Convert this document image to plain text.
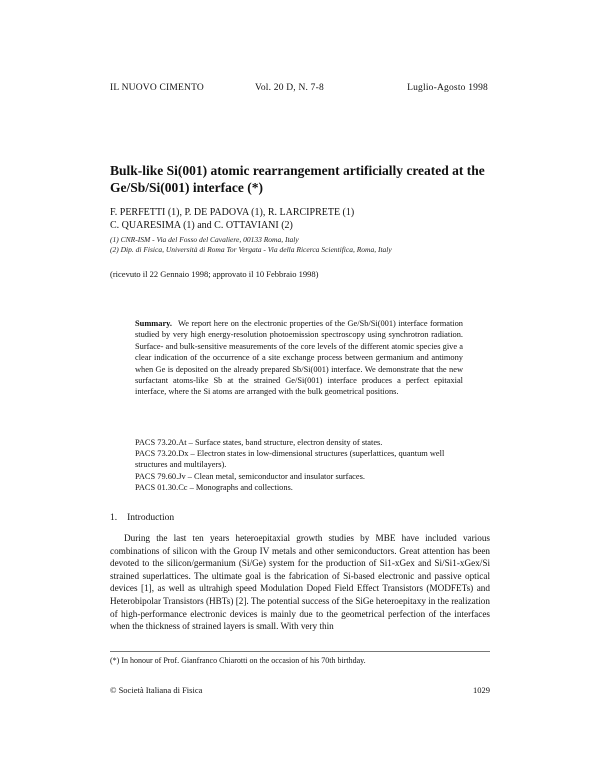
IL NUOVO CIMENTO	Vol. 20 D, N. 7-8	Luglio-Agosto 1998
Bulk-like Si(001) atomic rearrangement artificially created at the Ge/Sb/Si(001) interface (*)
F. PERFETTI (1), P. DE PADOVA (1), R. LARCIPRETE (1)
C. QUARESIMA (1) and C. OTTAVIANI (2)
(1) CNR-ISM - Via del Fosso del Cavaliere, 00133 Roma, Italy
(2) Dip. di Fisica, Università di Roma Tor Vergata - Via della Ricerca Scientifica, Roma, Italy
(ricevuto il 22 Gennaio 1998; approvato il 10 Febbraio 1998)
Summary. We report here on the electronic properties of the Ge/Sb/Si(001) interface formation studied by very high energy-resolution photoemission spectroscopy using synchrotron radiation. Surface- and bulk-sensitive measurements of the core levels of the different atomic species give a clear indication of the occurrence of a site exchange process between germanium and antimony when Ge is deposited on the already prepared Sb/Si(001) interface. We demonstrate that the new surfactant atoms-like Sb at the strained Ge/Si(001) interface produces a perfect epitaxial interface, where the Si atoms are arranged with the bulk geometrical positions.
PACS 73.20.At – Surface states, band structure, electron density of states.
PACS 73.20.Dx – Electron states in low-dimensional structures (superlattices, quantum well structures and multilayers).
PACS 79.60.Jv – Clean metal, semiconductor and insulator surfaces.
PACS 01.30.Cc – Monographs and collections.
1. Introduction
During the last ten years heteroepitaxial growth studies by MBE have included various combinations of silicon with the Group IV metals and other semiconductors. Great attention has been devoted to the silicon/germanium (Si/Ge) system for the production of Si1-xGex and Si/Si1-xGex/Si strained superlattices. The ultimate goal is the fabrication of Si-based electronic and passive optical devices [1], as well as ultrahigh speed Modulation Doped Field Effect Transistors (MODFETs) and Heterobipolar Transistors (HBTs) [2]. The potential success of the SiGe heteroepitaxy in the realization of high-performance electronic devices is mainly due to the geometrical perfection of the interfaces when the thickness of strained layers is small. With very thin
(*) In honour of Prof. Gianfranco Chiarotti on the occasion of his 70th birthday.
© Società Italiana di Fisica	1029
